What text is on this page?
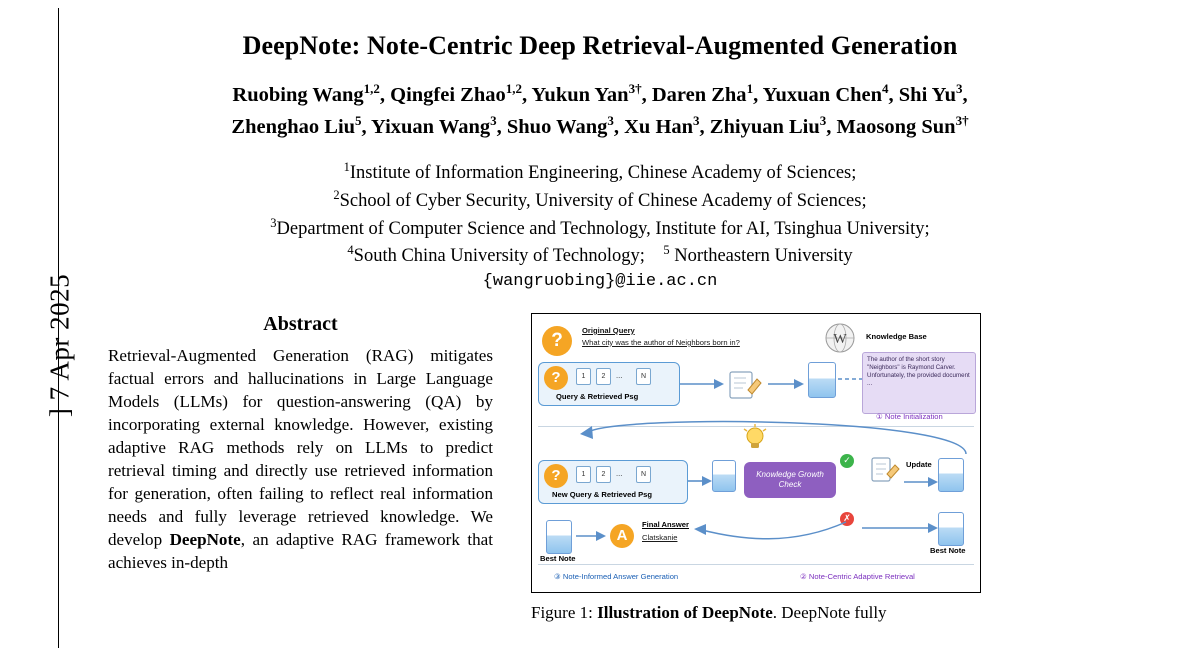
] 7 Apr 2025
DeepNote: Note-Centric Deep Retrieval-Augmented Generation
Ruobing Wang$^{1,2}$, Qingfei Zhao$^{1,2}$, Yukun Yan$^{3\dagger}$, Daren Zha$^1$, Yuxuan Chen$^4$, Shi Yu$^3$,
Zhenghao Liu$^5$, Yixuan Wang$^3$, Shuo Wang$^3$, Xu Han$^3$, Zhiyuan Liu$^3$, Maosong Sun$^{3\dagger}$
$^1$Institute of Information Engineering, Chinese Academy of Sciences;
$^2$School of Cyber Security, University of Chinese Academy of Sciences;
$^3$Department of Computer Science and Technology, Institute for AI, Tsinghua University;
$^4$South China University of Technology; $^5$ Northeastern University
{wangruobing}@iie.ac.cn
Abstract
Retrieval-Augmented Generation (RAG) mitigates factual errors and hallucinations in Large Language Models (LLMs) for question-answering (QA) by incorporating external knowledge. However, existing adaptive RAG methods rely on LLMs to predict retrieval timing and directly use retrieved information for generation, often failing to reflect real information needs and fully leverage retrieved knowledge. We develop DeepNote, an adaptive RAG framework that achieves in-depth
?	Original Query
What city was the author of Neighbors born in?	W	Knowledge Base
?	1	2	...	N
Query & Retrieved Psg
The author of the short story "Neighbors" is Raymond Carver. Unfortunately, the provided document ...
① Note Initialization
?	1	2	...	N
New Query & Retrieved Psg
Knowledge Growth Check
✓
✗
Update
Best Note
A
Final Answer
Clatskanie
③ Note-Informed Answer Generation
Best Note
② Note-Centric Adaptive Retrieval
Figure 1: Illustration of DeepNote. DeepNote fully
